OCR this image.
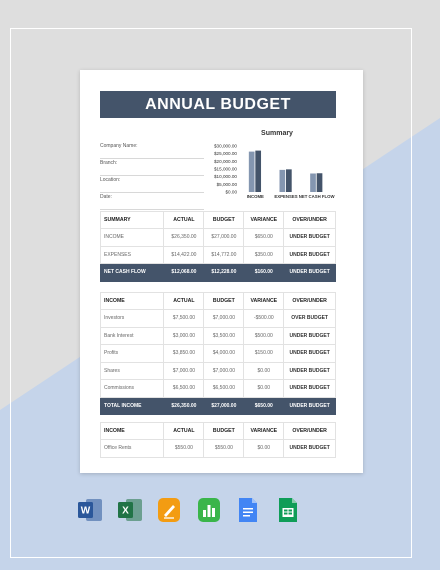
ANNUAL BUDGET
Company Name:
Branch:
Location:
Date:
Summary
$30,000.00
$25,000.00
$20,000.00
$15,000.00
$10,000.00
$5,000.00
$0.00
INCOME EXPENSES NET CASH FLOW
SUMMARY	ACTUAL	BUDGET	VARIANCE	OVER/UNDER
INCOME	$26,350.00	$27,000.00	$650.00	UNDER BUDGET
EXPENSES	$14,422.00	$14,772.00	$350.00	UNDER BUDGET
NET CASH FLOW	$12,068.00	$12,228.00	$160.00	UNDER BUDGET
INCOME	ACTUAL	BUDGET	VARIANCE	OVER/UNDER
Investors	$7,500.00	$7,000.00	-$500.00	OVER BUDGET
Bank Interest	$3,000.00	$3,500.00	$500.00	UNDER BUDGET
Profits	$3,850.00	$4,000.00	$150.00	UNDER BUDGET
Shares	$7,000.00	$7,000.00	$0.00	UNDER BUDGET
Commissions	$6,500.00	$6,500.00	$0.00	UNDER BUDGET
TOTAL INCOME	$26,350.00	$27,000.00	$650.00	UNDER BUDGET
INCOME	ACTUAL	BUDGET	VARIANCE	OVER/UNDER
Office Rents	$550.00	$550.00	$0.00	UNDER BUDGET
W	X
